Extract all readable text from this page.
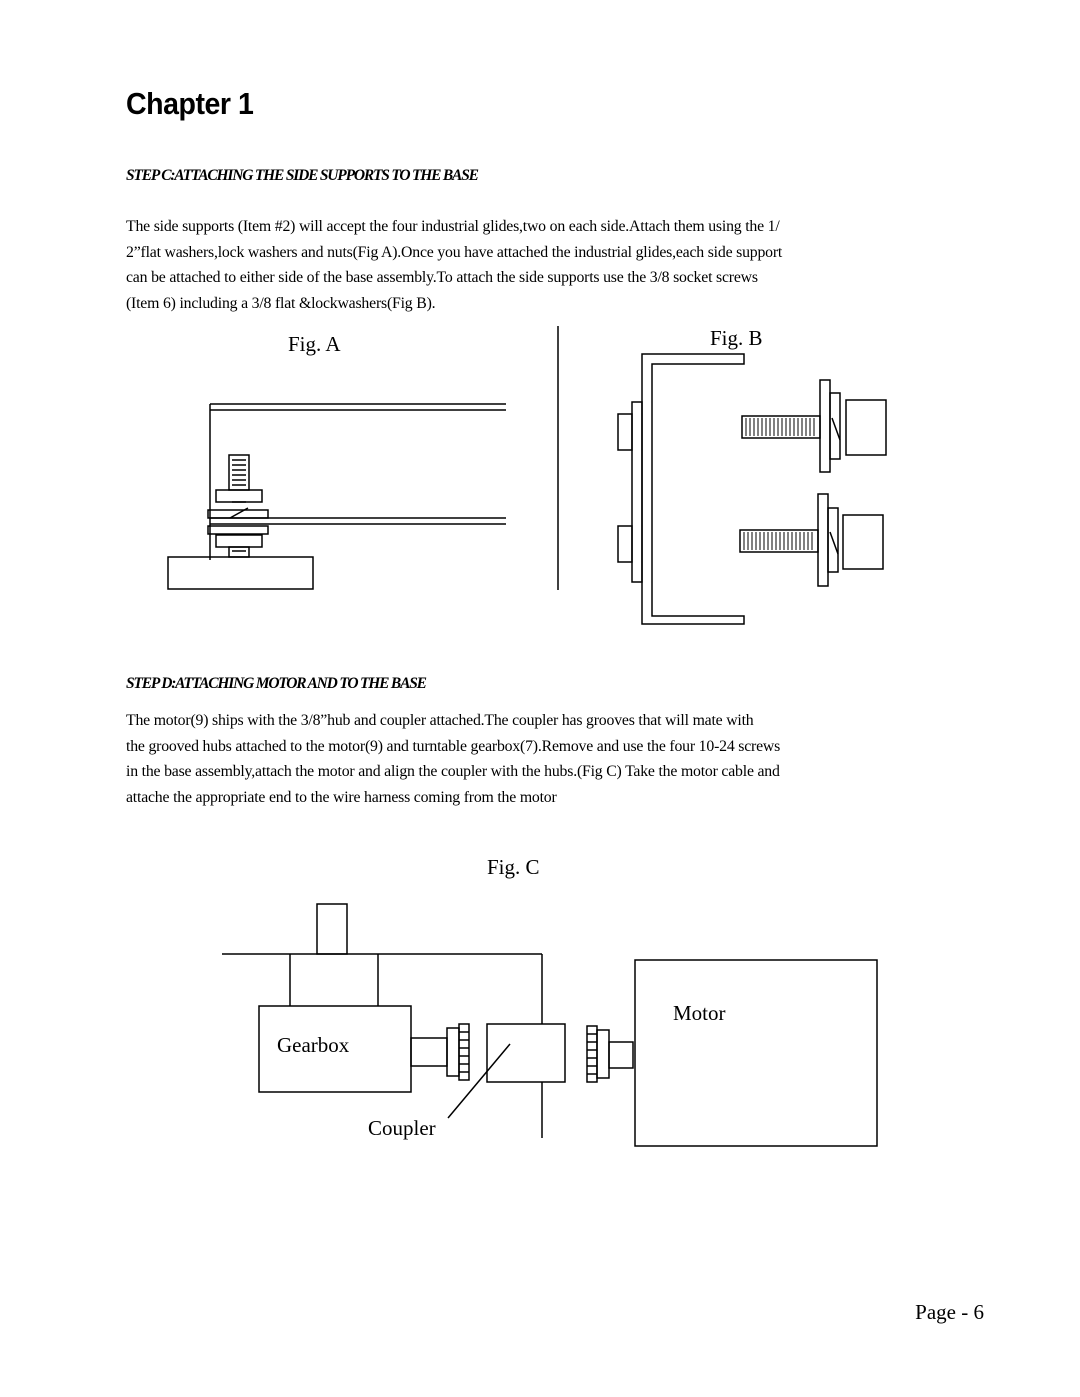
Chapter 1
STEP C:ATTACHING THE SIDE SUPPORTS TO THE BASE
The side supports (Item #2) will accept the four industrial glides,two on each side.Attach them using the 1/
2”flat washers,lock washers and nuts(Fig A).Once you have attached the industrial glides,each side support
can be attached to either side of the base assembly.To attach the side supports use the 3/8 socket screws
(Item 6) including a 3/8 flat &lockwashers(Fig B).
Fig. A	Fig. B
STEP D:ATTACHING MOTOR AND TO THE BASE
The motor(9) ships with the 3/8”hub and coupler attached.The coupler has grooves that will mate with
the grooved hubs attached to the motor(9) and turntable gearbox(7).Remove and use the four 10-24 screws
in the base assembly,attach the motor and align the coupler with the hubs.(Fig C) Take the motor cable and
attache the appropriate end to the wire harness coming from the motor
Fig. C
Gearbox
Motor
Coupler
Page - 6
